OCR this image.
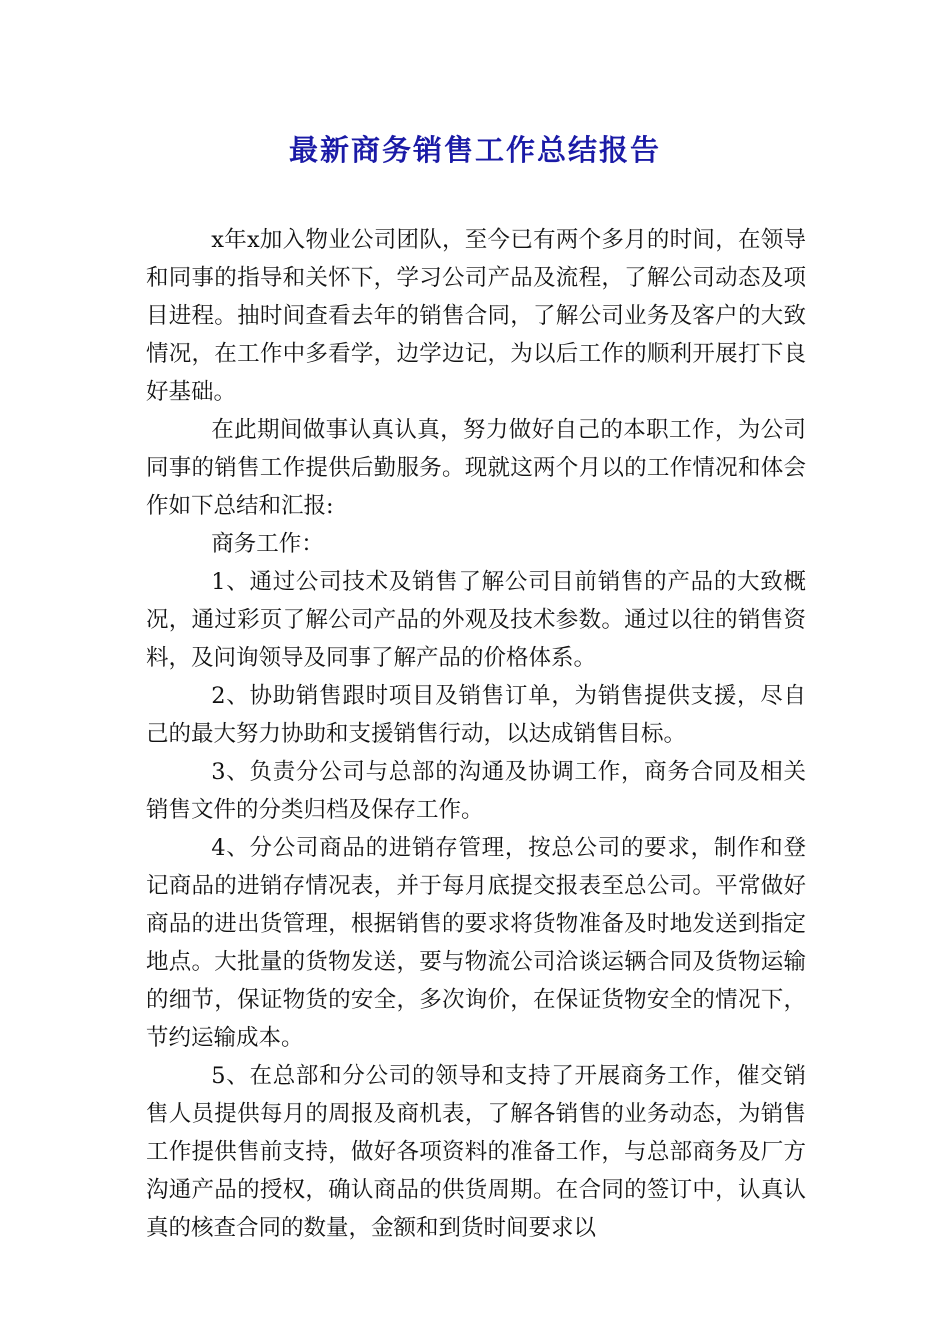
最新商务销售工作总结报告

x年x加入物业公司团队，至今已有两个多月的时间，在领导和同事的指导和关怀下，学习公司产品及流程，了解公司动态及项目进程。抽时间查看去年的销售合同，了解公司业务及客户的大致情况，在工作中多看学，边学边记，为以后工作的顺利开展打下良好基础。

在此期间做事认真认真，努力做好自己的本职工作，为公司同事的销售工作提供后勤服务。现就这两个月以的工作情况和体会作如下总结和汇报:

商务工作：

1、通过公司技术及销售了解公司目前销售的产品的大致概况，通过彩页了解公司产品的外观及技术参数。通过以往的销售资料，及问询领导及同事了解产品的价格体系。

2、协助销售跟时项目及销售订单，为销售提供支援，尽自己的最大努力协助和支援销售行动，以达成销售目标。

3、负责分公司与总部的沟通及协调工作，商务合同及相关销售文件的分类归档及保存工作。

4、分公司商品的进销存管理，按总公司的要求，制作和登记商品的进销存情况表，并于每月底提交报表至总公司。平常做好商品的进出货管理，根据销售的要求将货物准备及时地发送到指定地点。大批量的货物发送，要与物流公司洽谈运辆合同及货物运输的细节，保证物货的安全，多次询价，在保证货物安全的情况下，节约运输成本。

5、在总部和分公司的领导和支持了开展商务工作，催交销售人员提供每月的周报及商机表，了解各销售的业务动态，为销售工作提供售前支持，做好各项资料的准备工作，与总部商务及厂方沟通产品的授权，确认商品的供货周期。在合同的签订中，认真认真的核查合同的数量，金额和到货时间要求以
